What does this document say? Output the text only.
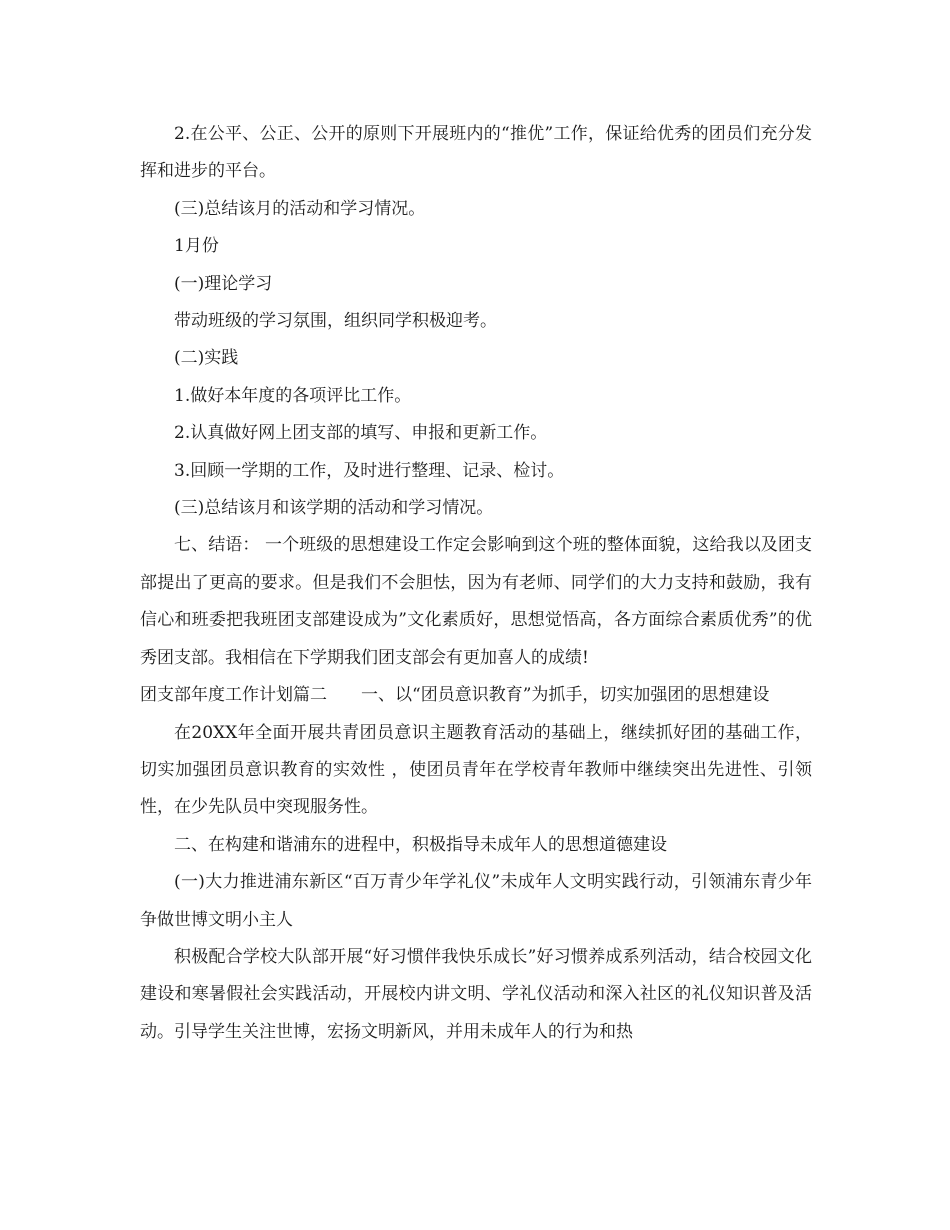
2.在公平、公正、公开的原则下开展班内的“推优”工作，保证给优秀的团员们充分发挥和进步的平台。

(三)总结该月的活动和学习情况。

1月份

(一)理论学习

带动班级的学习氛围，组织同学积极迎考。

(二)实践

1.做好本年度的各项评比工作。

2.认真做好网上团支部的填写、申报和更新工作。

3.回顾一学期的工作，及时进行整理、记录、检讨。

(三)总结该月和该学期的活动和学习情况。

七、结语： 一个班级的思想建设工作定会影响到这个班的整体面貌，这给我以及团支部提出了更高的要求。但是我们不会胆怯，因为有老师、同学们的大力支持和鼓励，我有信心和班委把我班团支部建设成为”文化素质好，思想觉悟高，各方面综合素质优秀”的优秀团支部。我相信在下学期我们团支部会有更加喜人的成绩!

团支部年度工作计划篇二　　一、以“团员意识教育”为抓手，切实加强团的思想建设

在20XX年全面开展共青团员意识主题教育活动的基础上，继续抓好团的基础工作，切实加强团员意识教育的实效性 ，使团员青年在学校青年教师中继续突出先进性、引领性，在少先队员中突现服务性。

二、在构建和谐浦东的进程中，积极指导未成年人的思想道德建设

(一)大力推进浦东新区“百万青少年学礼仪”未成年人文明实践行动，引领浦东青少年争做世博文明小主人

积极配合学校大队部开展“好习惯伴我快乐成长”好习惯养成系列活动，结合校园文化建设和寒暑假社会实践活动，开展校内讲文明、学礼仪活动和深入社区的礼仪知识普及活动。引导学生关注世博，宏扬文明新风，并用未成年人的行为和热
